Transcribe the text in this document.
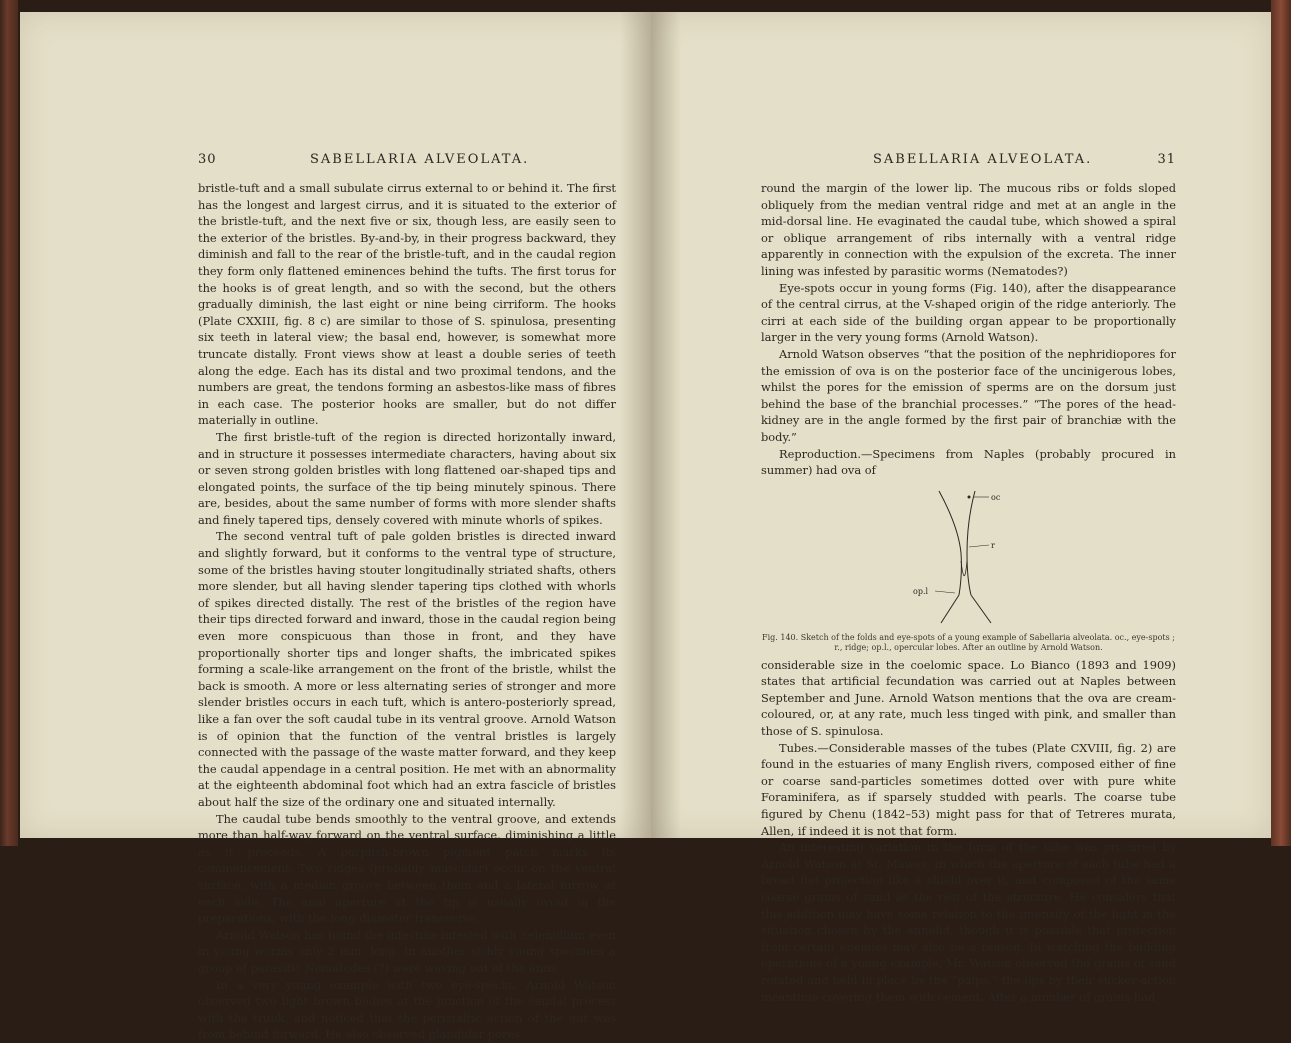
30	SABELLARIA ALVEOLATA.

bristle-tuft and a small subulate cirrus external to or behind it. The first has the longest and largest cirrus, and it is situated to the exterior of the bristle-tuft, and the next five or six, though less, are easily seen to the exterior of the bristles. By-and-by, in their progress backward, they diminish and fall to the rear of the bristle-tuft, and in the caudal region they form only flattened eminences behind the tufts. The first torus for the hooks is of great length, and so with the second, but the others gradually diminish, the last eight or nine being cirriform. The hooks (Plate CXXIII, fig. 8 c) are similar to those of S. spinulosa, presenting six teeth in lateral view; the basal end, however, is somewhat more truncate distally. Front views show at least a double series of teeth along the edge. Each has its distal and two proximal tendons, and the numbers are great, the tendons forming an asbestos-like mass of fibres in each case. The posterior hooks are smaller, but do not differ materially in outline.

The first bristle-tuft of the region is directed horizontally inward, and in structure it possesses intermediate characters, having about six or seven strong golden bristles with long flattened oar-shaped tips and elongated points, the surface of the tip being minutely spinous. There are, besides, about the same number of forms with more slender shafts and finely tapered tips, densely covered with minute whorls of spikes.

The second ventral tuft of pale golden bristles is directed inward and slightly forward, but it conforms to the ventral type of structure, some of the bristles having stouter longitudinally striated shafts, others more slender, but all having slender tapering tips clothed with whorls of spikes directed distally. The rest of the bristles of the region have their tips directed forward and inward, those in the caudal region being even more conspicuous than those in front, and they have proportionally shorter tips and longer shafts, the imbricated spikes forming a scale-like arrangement on the front of the bristle, whilst the back is smooth. A more or less alternating series of stronger and more slender bristles occurs in each tuft, which is antero-posteriorly spread, like a fan over the soft caudal tube in its ventral groove. Arnold Watson is of opinion that the function of the ventral bristles is largely connected with the passage of the waste matter forward, and they keep the caudal appendage in a central position. He met with an abnormality at the eighteenth abdominal foot which had an extra fascicle of bristles about half the size of the ordinary one and situated internally.

The caudal tube bends smoothly to the ventral groove, and extends more than half-way forward on the ventral surface, diminishing a little as it proceeds. A purplish-brown pigment patch marks its commencement. Two ridges (probably muscular) occur on the ventral surface, with a median groove between them and a lateral furrow at each side. The anal aperture at the tip is usually ovoid in the preparations, with the long diameter transverse.

Arnold Watson has found the intestine infested with Selenidium even in young worms only 2 mm. long. In another sickly young specimen a group of parasitic Nematodes (?) were waving out of the anus.

In a very young example with two eye-specks, Arnold Watson observed two light brown bodies at the junction of the caudal process with the trunk, and noticed that the peristaltic action of the gut was from behind forward. He also observed glandular pores

SABELLARIA ALVEOLATA.	31

round the margin of the lower lip. The mucous ribs or folds sloped obliquely from the median ventral ridge and met at an angle in the mid-dorsal line. He evaginated the caudal tube, which showed a spiral or oblique arrangement of ribs internally with a ventral ridge apparently in connection with the expulsion of the excreta. The inner lining was infested by parasitic worms (Nematodes?)

Eye-spots occur in young forms (Fig. 140), after the disappearance of the central cirrus, at the V-shaped origin of the ridge anteriorly. The cirri at each side of the building organ appear to be proportionally larger in the very young forms (Arnold Watson).

Arnold Watson observes “that the position of the nephridiopores for the emission of ova is on the posterior face of the uncinigerous lobes, whilst the pores for the emission of sperms are on the dorsum just behind the base of the branchial processes.” “The pores of the head-kidney are in the angle formed by the first pair of branchiæ with the body.”

Reproduction.—Specimens from Naples (probably procured in summer) had ova of

oc
r
op.l
Fig. 140. Sketch of the folds and eye-spots of a young example of Sabellaria alveolata. oc., eye-spots ;
r., ridge; op.l., opercular lobes. After an outline by Arnold Watson.

considerable size in the coelomic space. Lo Bianco (1893 and 1909) states that artificial fecundation was carried out at Naples between September and June. Arnold Watson mentions that the ova are cream-coloured, or, at any rate, much less tinged with pink, and smaller than those of S. spinulosa.

Tubes.—Considerable masses of the tubes (Plate CXVIII, fig. 2) are found in the estuaries of many English rivers, composed either of fine or coarse sand-particles sometimes dotted over with pure white Foraminifera, as if sparsely studded with pearls. The coarse tube figured by Chenu (1842–53) might pass for that of Tetreres murata, Allen, if indeed it is not that form.

An interesting variation in the form of the tube was procured by Arnold Watson at St. Mawes, in which the aperture of each tube had a broad flat projection like a shield over it, and composed of the same coarse grains of sand as the rest of the structure. He considers that this addition may have some relation to the intensity of the light in the situation chosen by the annelid, though it is possible that protection from certain enemies may also be a reason. In watching the building operations of a young example, Mr. Watson observed the grains of sand rotated and held in place by the “palps,” the lips by their sucker-action meantime covering them with cement. After a number of grains had
